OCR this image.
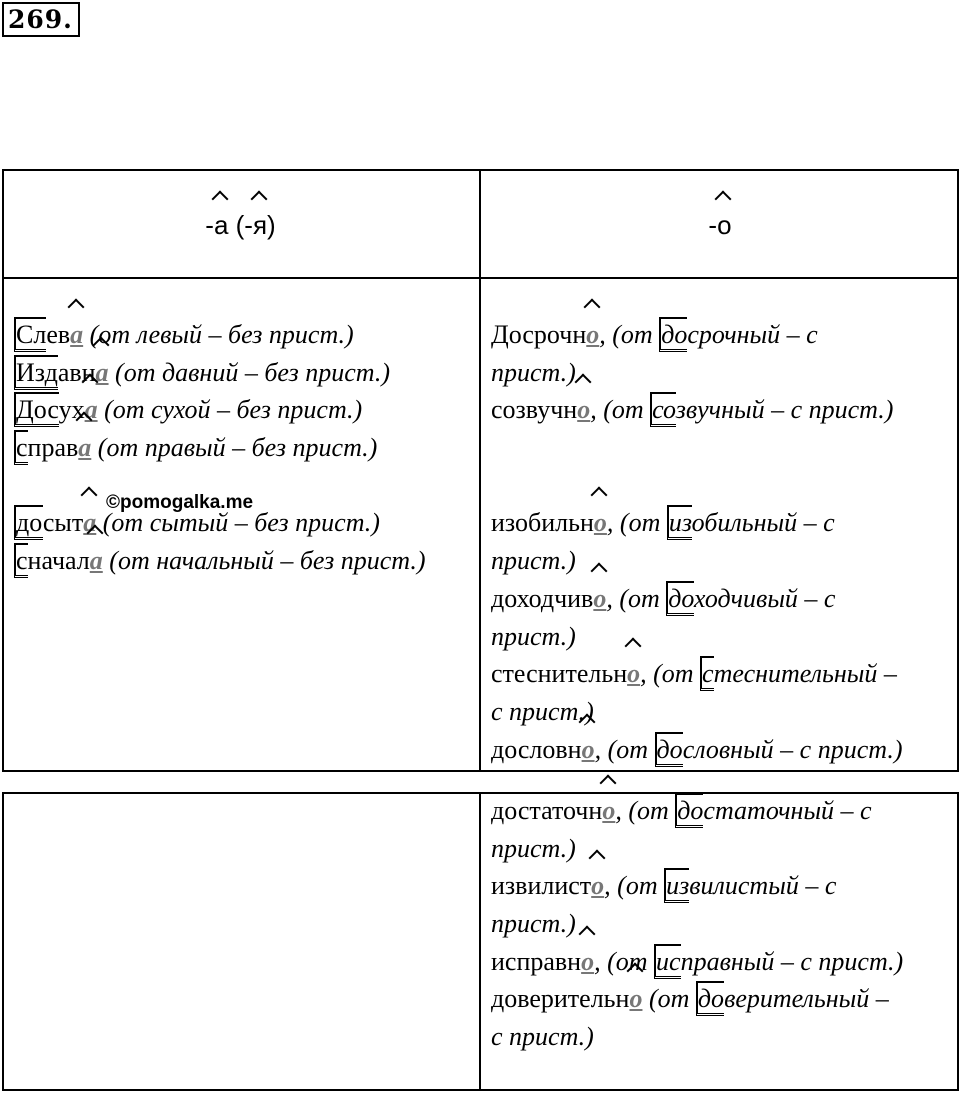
269.
-а
(-я
)	-о
Слева
(от левый – без прист.)
Издавна
(от давний – без прист.)
Досуха
(от сухой – без прист.)
справа
(от правый – без прист.)
досыта
(от сытый – без прист.)
сначала
(от начальный – без прист.)
Досрочно
, (от досрочный – с
прист.)
созвучно
, (от созвучный – с прист.)
изобильно
, (от изобильный – с
прист.)
доходчиво
, (от доходчивый – с
прист.)
стеснительно
, (от стеснительный –
с прист.)
дословно
, (от дословный – с прист.)
©pomogalka.me
достаточно
, (от достаточный – с
прист.)
извилисто
, (от извилистый – с
прист.)
исправно
, (от исправный – с прист.)
доверительно
(от доверительный –
с прист.)
